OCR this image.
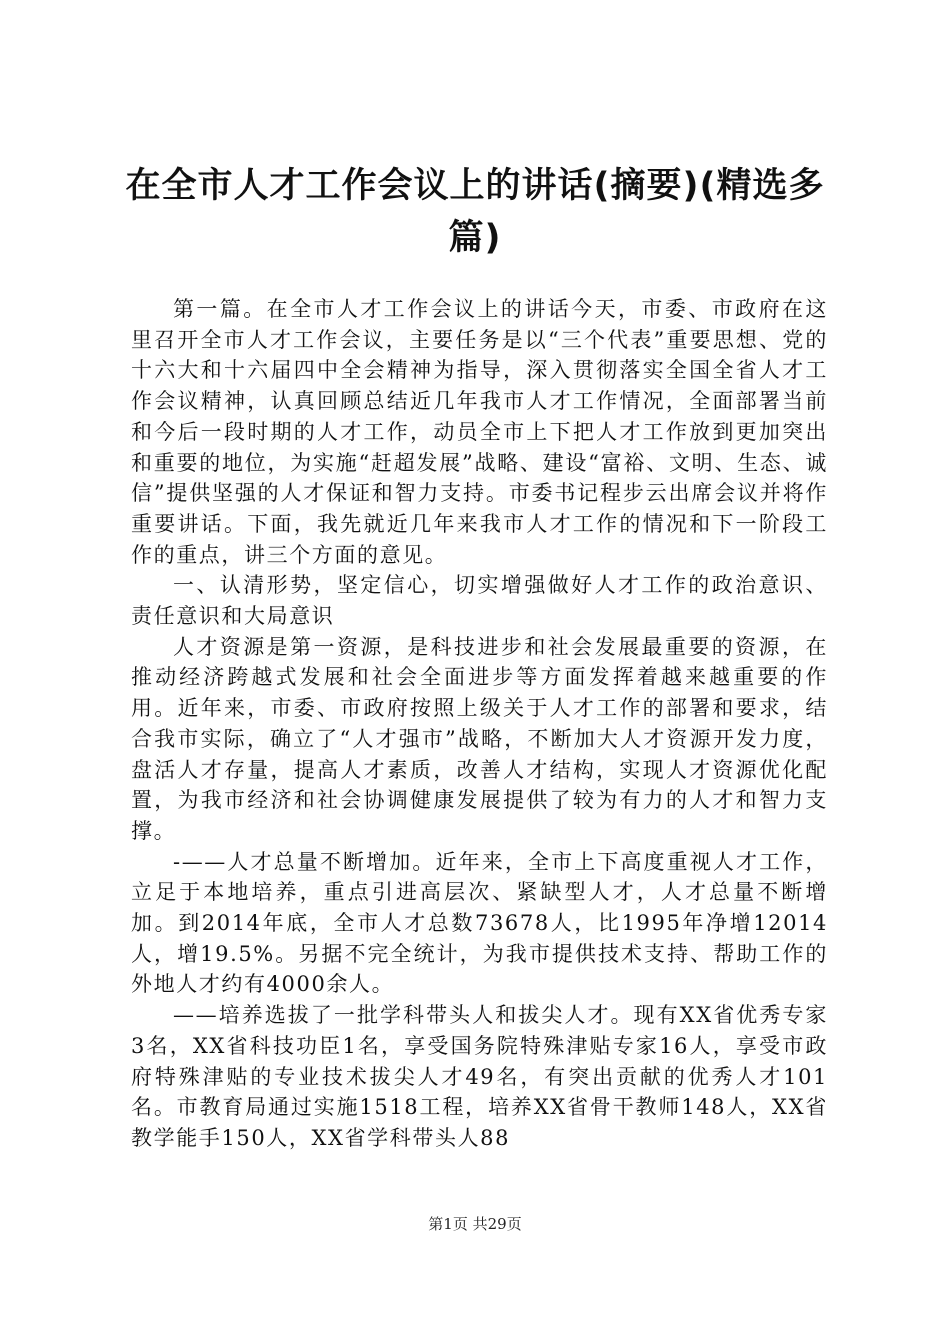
在全市人才工作会议上的讲话(摘要)(精选多篇)

第一篇。在全市人才工作会议上的讲话今天，市委、市政府在这里召开全市人才工作会议，主要任务是以“三个代表”重要思想、党的十六大和十六届四中全会精神为指导，深入贯彻落实全国全省人才工作会议精神，认真回顾总结近几年我市人才工作情况，全面部署当前和今后一段时期的人才工作，动员全市上下把人才工作放到更加突出和重要的地位，为实施“赶超发展”战略、建设“富裕、文明、生态、诚信”提供坚强的人才保证和智力支持。市委书记程步云出席会议并将作重要讲话。下面，我先就近几年来我市人才工作的情况和下一阶段工作的重点，讲三个方面的意见。

一、认清形势，坚定信心，切实增强做好人才工作的政治意识、责任意识和大局意识

人才资源是第一资源，是科技进步和社会发展最重要的资源，在推动经济跨越式发展和社会全面进步等方面发挥着越来越重要的作用。近年来，市委、市政府按照上级关于人才工作的部署和要求，结合我市实际，确立了“人才强市”战略，不断加大人才资源开发力度，盘活人才存量，提高人才素质，改善人才结构，实现人才资源优化配置，为我市经济和社会协调健康发展提供了较为有力的人才和智力支撑。

-——人才总量不断增加。近年来，全市上下高度重视人才工作，立足于本地培养，重点引进高层次、紧缺型人才，人才总量不断增加。到2014年底，全市人才总数73678人，比1995年净增12014人，增19.5%。另据不完全统计，为我市提供技术支持、帮助工作的外地人才约有4000余人。

——培养选拔了一批学科带头人和拔尖人才。现有XX省优秀专家3名，XX省科技功臣1名，享受国务院特殊津贴专家16人，享受市政府特殊津贴的专业技术拔尖人才49名，有突出贡献的优秀人才101名。市教育局通过实施1518工程，培养XX省骨干教师148人，XX省教学能手150人，XX省学科带头人88

第1页 共29页
